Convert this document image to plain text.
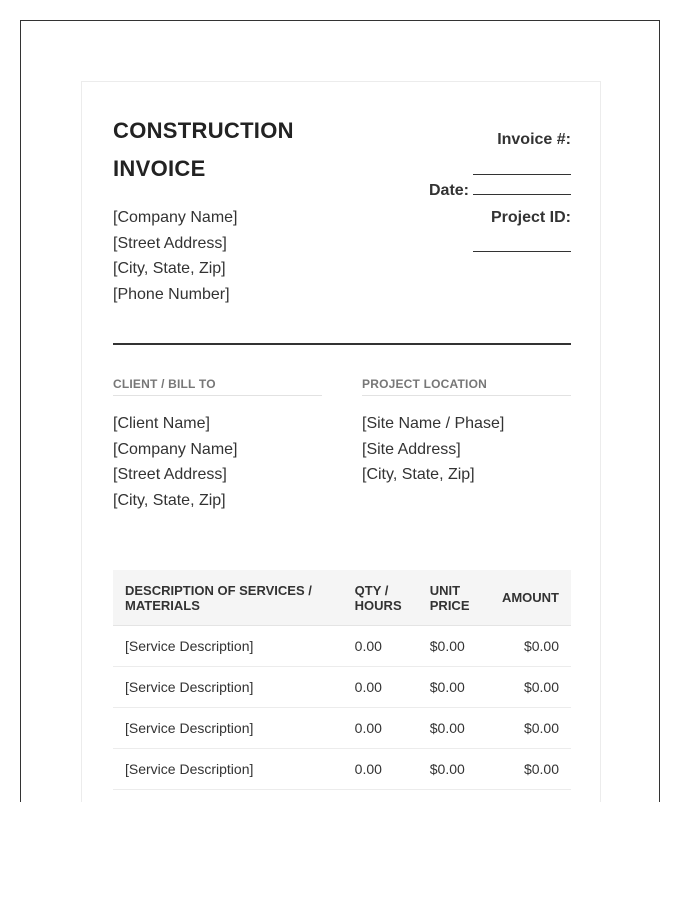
CONSTRUCTION
INVOICE
Invoice #:
Date:
Project ID:
[Company Name]
[Street Address]
[City, State, Zip]
[Phone Number]
CLIENT / BILL TO	PROJECT LOCATION
[Client Name]
[Company Name]
[Street Address]
[City, State, Zip]
[Site Name / Phase]
[Site Address]
[City, State, Zip]
DESCRIPTION OF SERVICES / MATERIALS	QTY / HOURS	UNIT PRICE	AMOUNT
[Service Description]	0.00	$0.00	$0.00
[Service Description]	0.00	$0.00	$0.00
[Service Description]	0.00	$0.00	$0.00
[Service Description]	0.00	$0.00	$0.00
